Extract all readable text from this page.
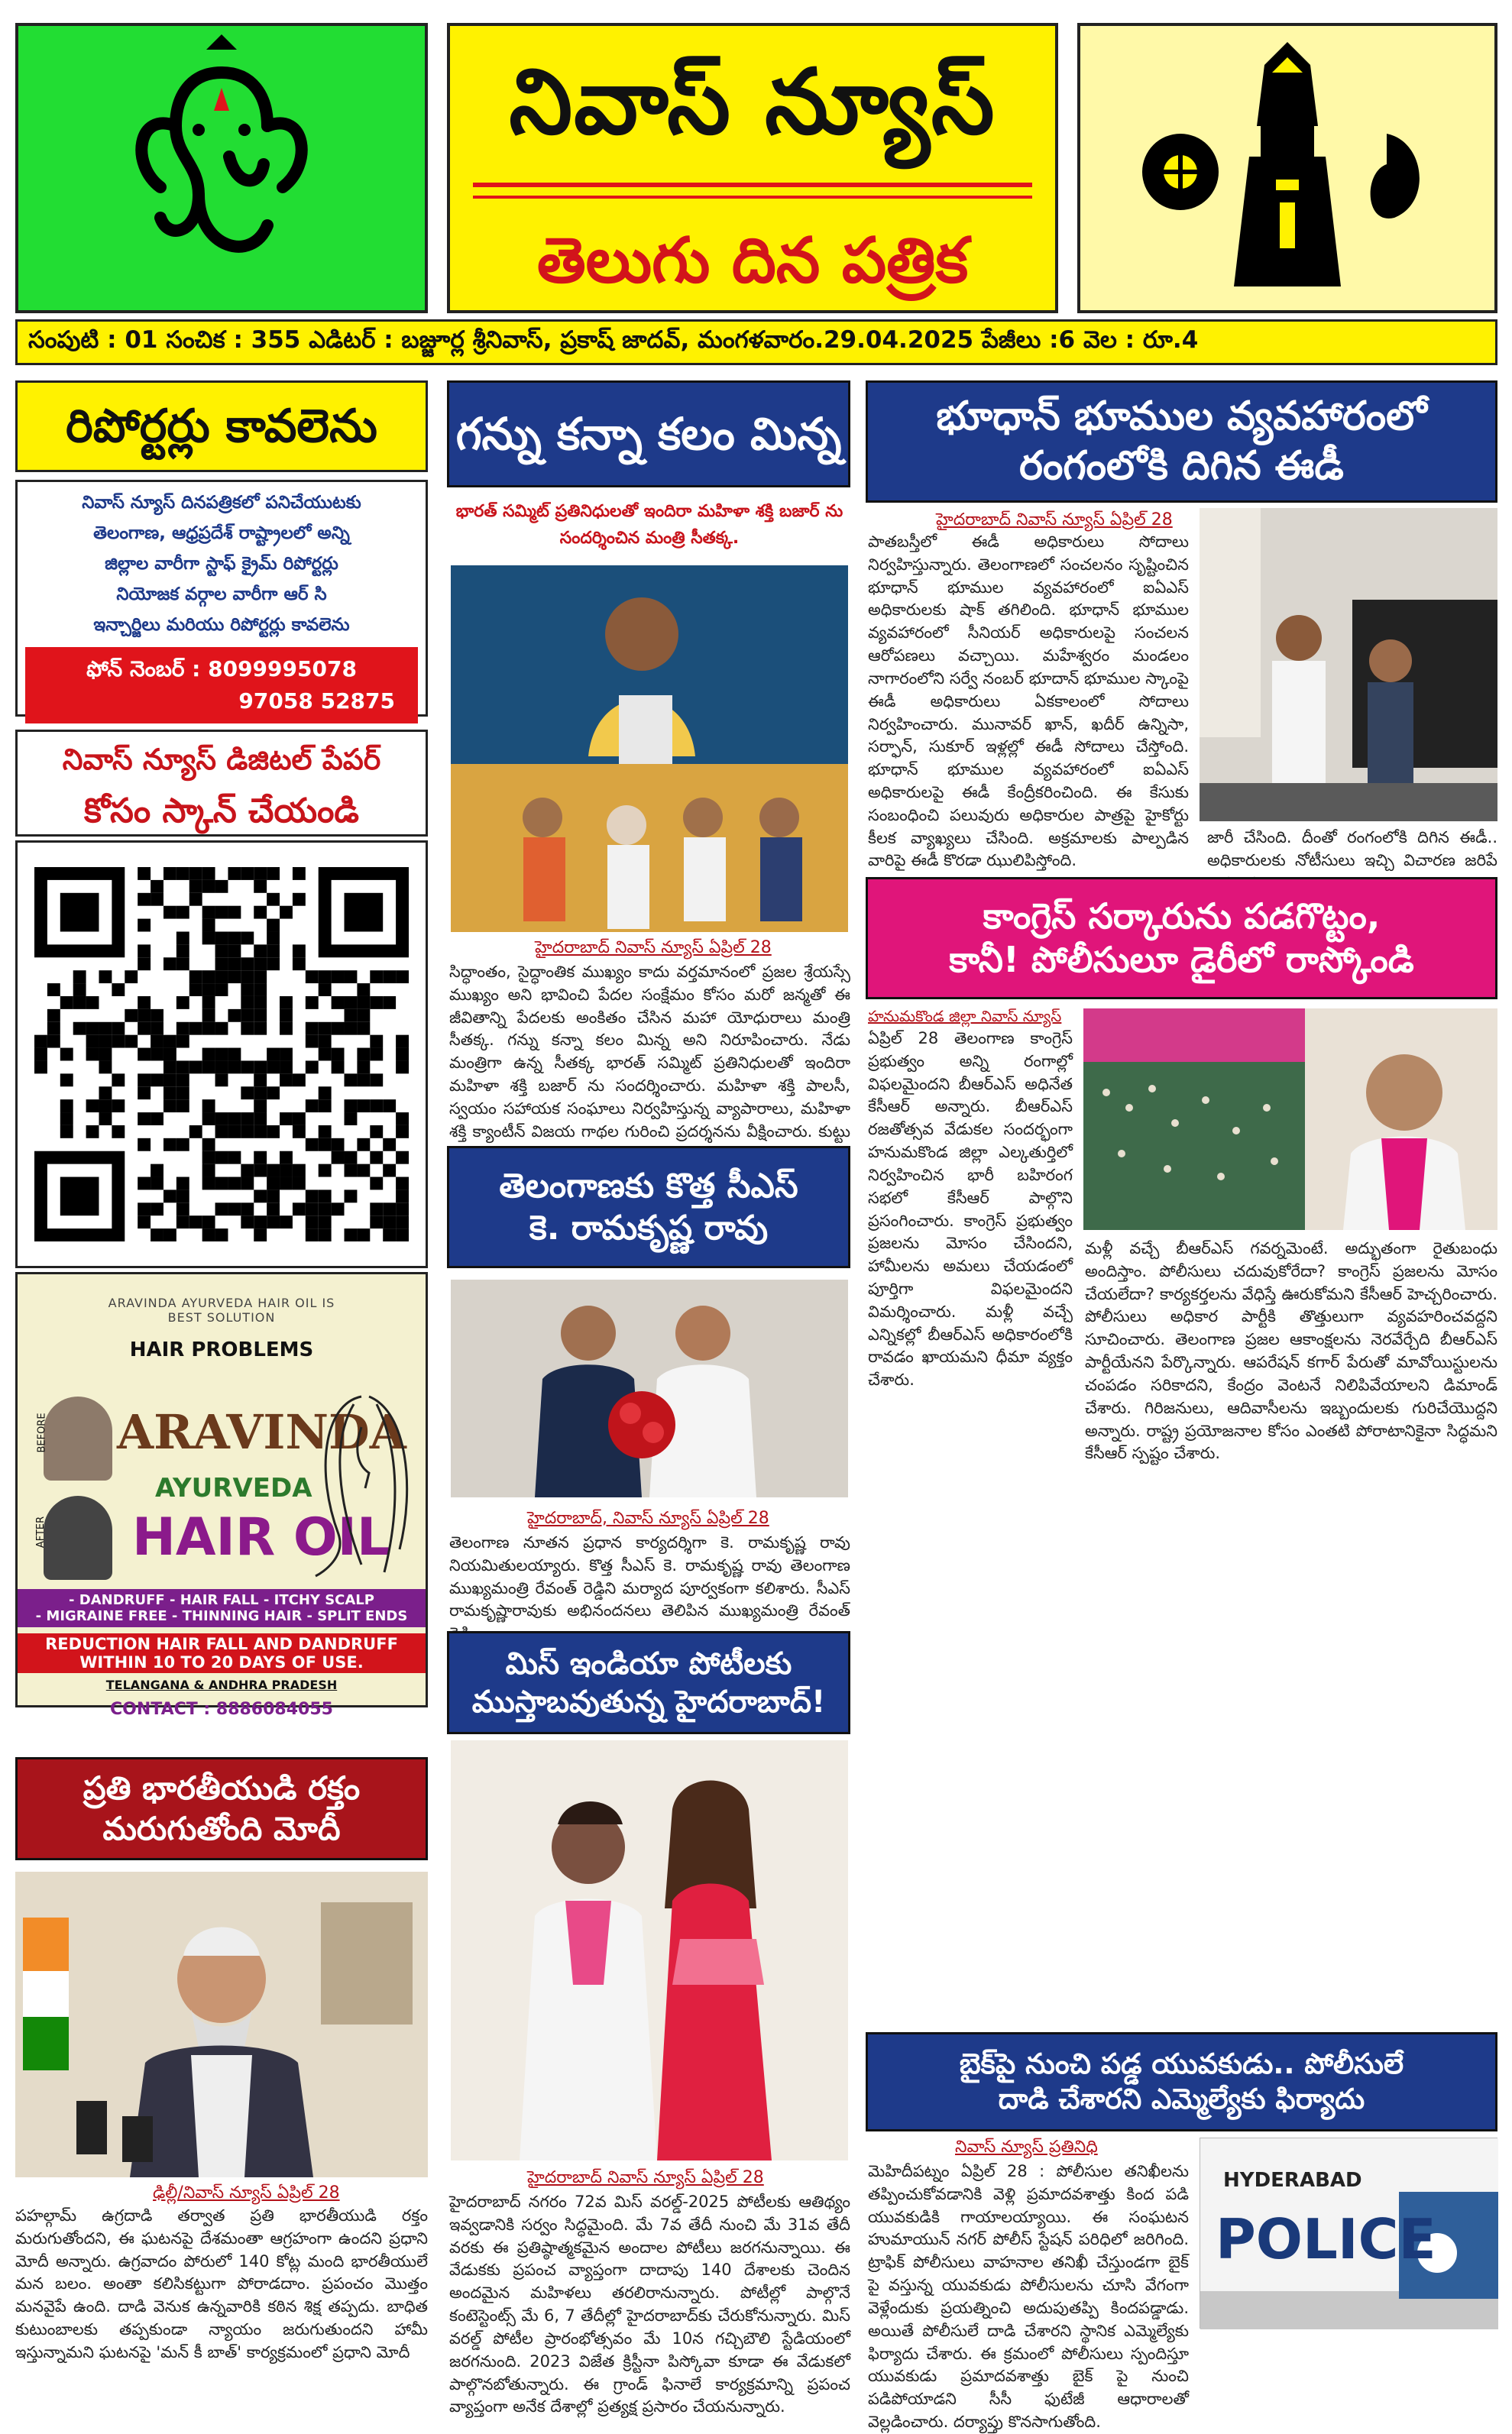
నివాస్ న్యూస్
తెలుగు దిన పత్రిక
సంపుటి : 01 సంచిక : 355 ఎడిటర్ : బజ్జూర్ల శ్రీనివాస్, ప్రకాష్ జాదవ్, మంగళవారం.29.04.2025 పేజీలు :6 వెల : రూ.4
రిపోర్టర్లు కావలెను
నివాస్ న్యూస్ దినపత్రికలో పనిచేయుటకు
తెలంగాణ, ఆధ్రప్రదేశ్ రాష్ట్రాలలో అన్ని
జిల్లాల వారీగా స్టాఫ్ క్రైమ్ రిపోర్టర్లు
నియోజక వర్గాల వారీగా ఆర్ సి
ఇన్చార్జిలు మరియు రిపోర్టర్లు కావలెను
ఫోన్ నెంబర్ : 8099995078
97058 52875
నివాస్ న్యూస్ డిజిటల్ పేపర్
కోసం స్కాన్ చేయండి
ARAVINDA AYURVEDA HAIR OIL IS
BEST SOLUTION
HAIR PROBLEMS
BEFORE
AFTER
ARAVINDA
AYURVEDA
HAIR OIL
- DANDRUFF - HAIR FALL - ITCHY SCALP
- MIGRAINE FREE - THINNING HAIR - SPLIT ENDS
REDUCTION HAIR FALL AND DANDRUFF
WITHIN 10 TO 20 DAYS OF USE.
TELANGANA & ANDHRA PRADESH
CONTACT : 8886084055
ప్రతి భారతీయుడి రక్తం
మరుగుతోంది మోదీ
ఢిల్లీ/నివాస్ న్యూస్ ఏప్రిల్ 28
పహల్గామ్ ఉగ్రదాడి తర్వాత ప్రతి భారతీయుడి రక్తం మరుగుతోందని, ఈ ఘటనపై దేశమంతా ఆగ్రహంగా ఉందని ప్రధాని మోదీ అన్నారు. ఉగ్రవాదం పోరులో 140 కోట్ల మంది భారతీయులే మన బలం. అంతా కలిసికట్టుగా పోరాడదాం. ప్రపంచం మొత్తం మనవైపే ఉంది. దాడి వెనుక ఉన్నవారికి కఠిన శిక్ష తప్పదు. బాధిత కుటుంబాలకు తప్పకుండా న్యాయం జరుగుతుందని హామీ ఇస్తున్నామని ఘటనపై 'మన్ కీ బాత్' కార్యక్రమంలో ప్రధాని మోదీ
గన్ను కన్నా కలం మిన్న
భారత్ సమ్మిట్ ప్రతినిధులతో ఇందిరా మహిళా శక్తి బజార్ ను సందర్శించిన మంత్రి సీతక్క.
హైదరాబాద్ నివాస్ న్యూస్ ఏప్రిల్ 28
సిద్ధాంతం, సైద్ధాంతిక ముఖ్యం కాదు వర్తమానంలో ప్రజల శ్రేయస్సే ముఖ్యం అని భావించి పేదల సంక్షేమం కోసం మరో జన్మతో ఈ జీవితాన్ని పేదలకు అంకితం చేసిన మహా యోధురాలు మంత్రి సీతక్క. గన్ను కన్నా కలం మిన్న అని నిరూపించారు. నేడు మంత్రిగా ఉన్న సీతక్క భారత్ సమ్మిట్ ప్రతినిధులతో ఇందిరా మహిళా శక్తి బజార్ ను సందర్శించారు. మహిళా శక్తి పాలసీ, స్వయం సహాయక సంఘాలు నిర్వహిస్తున్న వ్యాపారాలు, మహిళా శక్తి క్యాంటీన్ విజయ గాథల గురించి ప్రదర్శనను వీక్షించారు. కుట్టు
తెలంగాణకు కొత్త సీఎస్
కె. రామకృష్ణ రావు
హైదరాబాద్, నివాస్ న్యూస్ ఏప్రిల్ 28
తెలంగాణ నూతన ప్రధాన కార్యదర్శిగా కె. రామకృష్ణ రావు నియమితులయ్యారు. కొత్త సీఎస్ కె. రామకృష్ణ రావు తెలంగాణ ముఖ్యమంత్రి రేవంత్ రెడ్డిని మర్యాద పూర్వకంగా కలిశారు. సీఎస్ రామకృష్ణారావుకు అభినందనలు తెలిపిన ముఖ్యమంత్రి రేవంత్
మిస్ ఇండియా పోటీలకు
ముస్తాబవుతున్న హైదరాబాద్!
హైదరాబాద్ నివాస్ న్యూస్ ఏప్రిల్ 28
హైదరాబాద్ నగరం 72వ మిస్ వరల్డ్-2025 పోటీలకు ఆతిథ్యం ఇవ్వడానికి సర్వం సిద్ధమైంది. మే 7వ తేదీ నుంచి మే 31వ తేదీ వరకు ఈ ప్రతిష్ఠాత్మకమైన అందాల పోటీలు జరగనున్నాయి. ఈ వేడుకకు ప్రపంచ వ్యాప్తంగా దాదాపు 140 దేశాలకు చెందిన అందమైన మహిళలు తరలిరానున్నారు. పోటీల్లో పాల్గొనే కంటెస్టెంట్స్ మే 6, 7 తేదీల్లో హైదరాబాద్‌కు చేరుకోనున్నారు. మిస్ వరల్డ్ పోటీల ప్రారంభోత్సవం మే 10న గచ్చిబౌలి స్టేడియంలో జరగనుంది. 2023 విజేత క్రిస్టీనా పిస్కోవా కూడా ఈ వేడుకలో పాల్గొనబోతున్నారు. ఈ గ్రాండ్ ఫినాలే కార్యక్రమాన్ని ప్రపంచ వ్యాప్తంగా అనేక దేశాల్లో ప్రత్యక్ష ప్రసారం చేయనున్నారు.
భూధాన్ భూముల వ్యవహారంలో
రంగంలోకి దిగిన ఈడీ
హైదరాబాద్ నివాస్ న్యూస్ ఏప్రిల్ 28
పాతబస్తీలో ఈడీ అధికారులు సోదాలు నిర్వహిస్తున్నారు. తెలంగాణలో సంచలనం సృష్టించిన భూధాన్ భూముల వ్యవహారంలో ఐఏఎస్ అధికారులకు షాక్ తగిలింది. భూధాన్ భూముల వ్యవహారంలో సీనియర్ అధికారులపై సంచలన ఆరోపణలు వచ్చాయి. మహేశ్వరం మండలం నాగారంలోని సర్వే నంబర్‌ భూదాన్‌ భూముల స్కాంపై ఈడీ అధికారులు ఏకకాలంలో సోదాలు నిర్వహించారు. మునావర్ ఖాన్, ఖదీర్ ఉన్నిసా, సర్ఫాన్, సుకూర్ ఇళ్లల్లో ఈడీ సోదాలు చేస్తోంది. భూధాన్ భూముల వ్యవహారంలో ఐఏఎస్ అధికారులపై ఈడీ కేంద్రీకరించింది. ఈ కేసుకు సంబంధించి పలువురు అధికారుల పాత్రపై హైకోర్టు కీలక వ్యాఖ్యలు చేసింది. అక్రమాలకు పాల్పడిన వారిపై ఈడీ కొరడా ఝులిపిస్తోంది.
జారీ చేసింది. దీంతో రంగంలోకి దిగిన ఈడీ.. అధికారులకు నోటీసులు ఇచ్చి విచారణ జరిపే
కాంగ్రెస్ సర్కారును పడగొట్టం,
కానీ! పోలీసులూ డైరీలో రాస్కోండి
హనుమకొండ జిల్లా నివాస్ న్యూస్
ఏప్రిల్ 28 తెలంగాణ కాంగ్రెస్ ప్రభుత్వం అన్ని రంగాల్లో విఫలమైందని బీఆర్ఎస్ అధినేత కేసీఆర్ అన్నారు. బీఆర్ఎస్ రజతోత్సవ వేడుకల సందర్భంగా హనుమకొండ జిల్లా ఎల్కతుర్తిలో నిర్వహించిన భారీ బహిరంగ సభలో కేసీఆర్ పాల్గొని ప్రసంగించారు. కాంగ్రెస్ ప్రభుత్వం ప్రజలను మోసం చేసిందని, హామీలను అమలు చేయడంలో పూర్తిగా విఫలమైందని విమర్శించారు. మళ్లీ వచ్చే ఎన్నికల్లో బీఆర్ఎస్ అధికారంలోకి రావడం ఖాయమని ధీమా వ్యక్తం చేశారు.
మళ్లీ వచ్చే బీఆర్ఎస్ గవర్నమెంటే. అద్భుతంగా రైతుబంధు అందిస్తాం. పోలీసులు చదువుకోరేదా? కాంగ్రెస్ ప్రజలను మోసం చేయలేదా? కార్యకర్తలను వేధిస్తే ఊరుకోమని కేసీఆర్ హెచ్చరించారు. పోలీసులు అధికార పార్టీకి తొత్తులుగా వ్యవహరించవద్దని సూచించారు. తెలంగాణ ప్రజల ఆకాంక్షలను నెరవేర్చేది బీఆర్ఎస్ పార్టీయేనని పేర్కొన్నారు. ఆపరేషన్ కగార్ పేరుతో మావోయిస్టులను చంపడం సరికాదని, కేంద్రం వెంటనే నిలిపివేయాలని డిమాండ్ చేశారు. గిరిజనులు, ఆదివాసీలను ఇబ్బందులకు గురిచేయొద్దని అన్నారు. రాష్ట్ర ప్రయోజనాల కోసం ఎంతటి పోరాటానికైనా సిద్ధమని కేసీఆర్ స్పష్టం చేశారు.
బైక్‌పై నుంచి పడ్డ యువకుడు.. పోలీసులే
దాడి చేశారని ఎమ్మెల్యేకు ఫిర్యాదు
నివాస్ న్యూస్ ప్రతినిధి
మెహిదీపట్నం ఏప్రిల్ 28 : పోలీసుల తనిఖీలను తప్పించుకోవడానికి వెళ్లి ప్రమాదవశాత్తు కింద పడి యువకుడికి గాయాలయ్యాయి. ఈ సంఘటన హుమాయున్ నగర్ పోలీస్ స్టేషన్ పరిధిలో జరిగింది. ట్రాఫిక్ పోలీసులు వాహనాల తనిఖీ చేస్తుండగా బైక్ పై వస్తున్న యువకుడు పోలీసులను చూసి వేగంగా వెళ్లేందుకు ప్రయత్నించి అదుపుతప్పి కిందపడ్డాడు. అయితే పోలీసులే దాడి చేశారని స్థానిక ఎమ్మెల్యేకు ఫిర్యాదు చేశారు. ఈ క్రమంలో పోలీసులు స్పందిస్తూ యువకుడు ప్రమాదవశాత్తు బైక్ పై నుంచి పడిపోయాడని సీసీ ఫుటేజీ ఆధారాలతో వెల్లడించారు. దర్యాప్తు కొనసాగుతోంది.
HYDERABAD
POLICE
